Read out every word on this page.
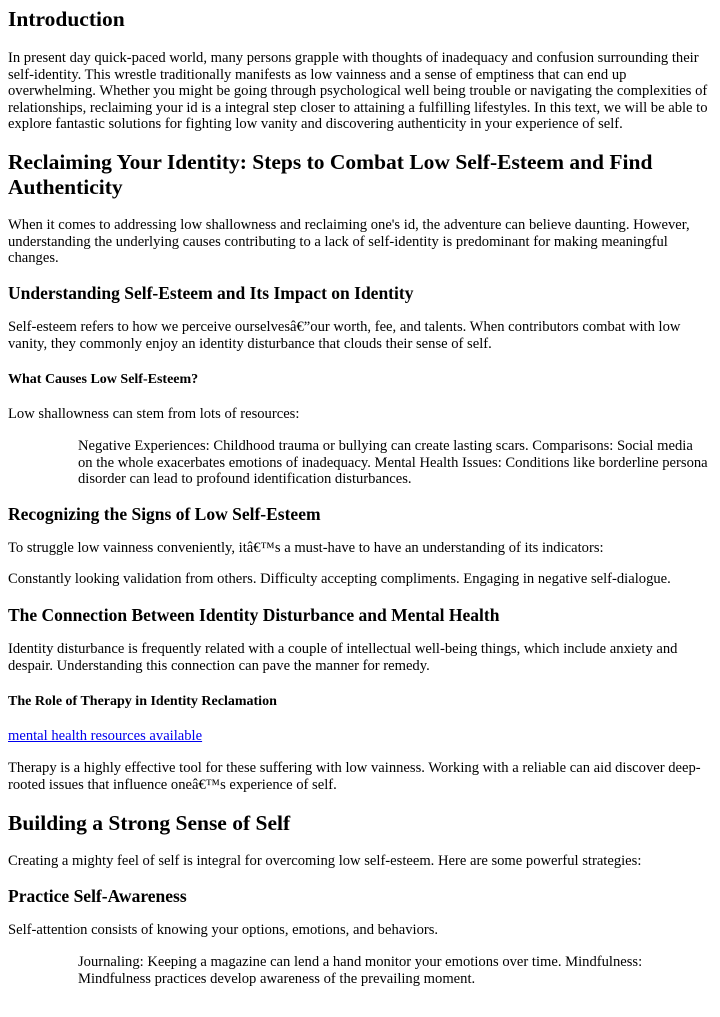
Introduction

In present day quick-paced world, many persons grapple with thoughts of inadequacy and confusion surrounding their self-identity. This wrestle traditionally manifests as low vainness and a sense of emptiness that can end up overwhelming. Whether you might be going through psychological well being trouble or navigating the complexities of relationships, reclaiming your id is a integral step closer to attaining a fulfilling lifestyles. In this text, we will be able to explore fantastic solutions for fighting low vanity and discovering authenticity in your experience of self.

Reclaiming Your Identity: Steps to Combat Low Self-Esteem and Find Authenticity

When it comes to addressing low shallowness and reclaiming one's id, the adventure can believe daunting. However, understanding the underlying causes contributing to a lack of self-identity is predominant for making meaningful changes.

Understanding Self-Esteem and Its Impact on Identity

Self-esteem refers to how we perceive ourselvesâ€”our worth, fee, and talents. When contributors combat with low vanity, they commonly enjoy an identity disturbance that clouds their sense of self.

What Causes Low Self-Esteem?

Low shallowness can stem from lots of resources:

Negative Experiences: Childhood trauma or bullying can create lasting scars. Comparisons: Social media on the whole exacerbates emotions of inadequacy. Mental Health Issues: Conditions like borderline persona disorder can lead to profound identification disturbances.
Recognizing the Signs of Low Self-Esteem

To struggle low vainness conveniently, itâ€™s a must-have to have an understanding of its indicators:

Constantly looking validation from others. Difficulty accepting compliments. Engaging in negative self-dialogue.

The Connection Between Identity Disturbance and Mental Health

Identity disturbance is frequently related with a couple of intellectual well-being things, which include anxiety and despair. Understanding this connection can pave the manner for remedy.

The Role of Therapy in Identity Reclamation

mental health resources available

Therapy is a highly effective tool for these suffering with low vainness. Working with a reliable can aid discover deep-rooted issues that influence oneâ€™s experience of self.

Building a Strong Sense of Self

Creating a mighty feel of self is integral for overcoming low self-esteem. Here are some powerful strategies:

Practice Self-Awareness

Self-attention consists of knowing your options, emotions, and behaviors.

Journaling: Keeping a magazine can lend a hand monitor your emotions over time. Mindfulness: Mindfulness practices develop awareness of the prevailing moment.
